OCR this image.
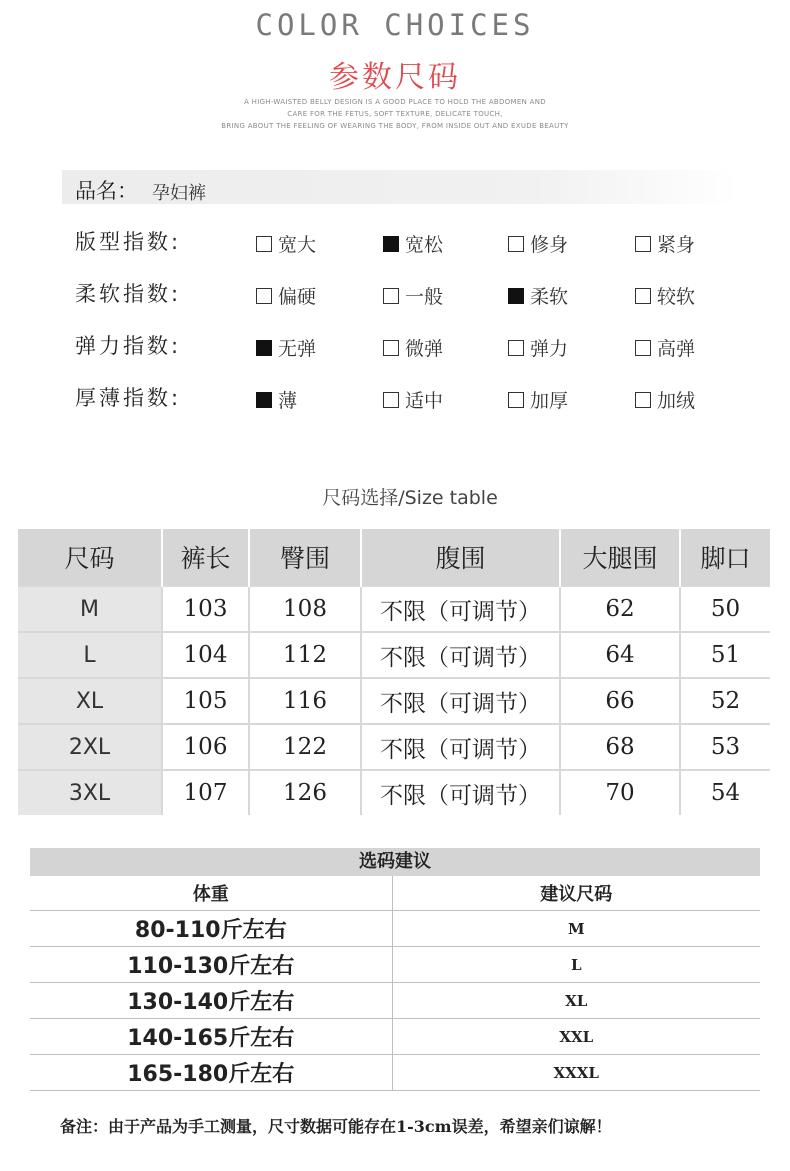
COLOR CHOICES
参数尺码
A HIGH-WAISTED BELLY DESIGN IS A GOOD PLACE TO HOLD THE ABDOMEN AND
CARE FOR THE FETUS, SOFT TEXTURE, DELICATE TOUCH,
BRING ABOUT THE FEELING OF WEARING THE BODY, FROM INSIDE OUT AND EXUDE BEAUTY
品名： 孕妇裤
版型指数:	宽大	宽松	修身	紧身
柔软指数:	偏硬	一般	柔软	较软
弹力指数:	无弹	微弹	弹力	高弹
厚薄指数:	薄	适中	加厚	加绒
尺码选择/Size table
尺码	裤长	臀围	腹围	大腿围	脚口
M	103	108	不限（可调节）	62	50
L	104	112	不限（可调节）	64	51
XL	105	116	不限（可调节）	66	52
2XL	106	122	不限（可调节）	68	53
3XL	107	126	不限（可调节）	70	54
选码建议
体重	建议尺码
80-110斤左右	M
110-130斤左右	L
130-140斤左右	XL
140-165斤左右	XXL
165-180斤左右	XXXL
备注：由于产品为手工测量，尺寸数据可能存在1-3cm误差，希望亲们谅解！
